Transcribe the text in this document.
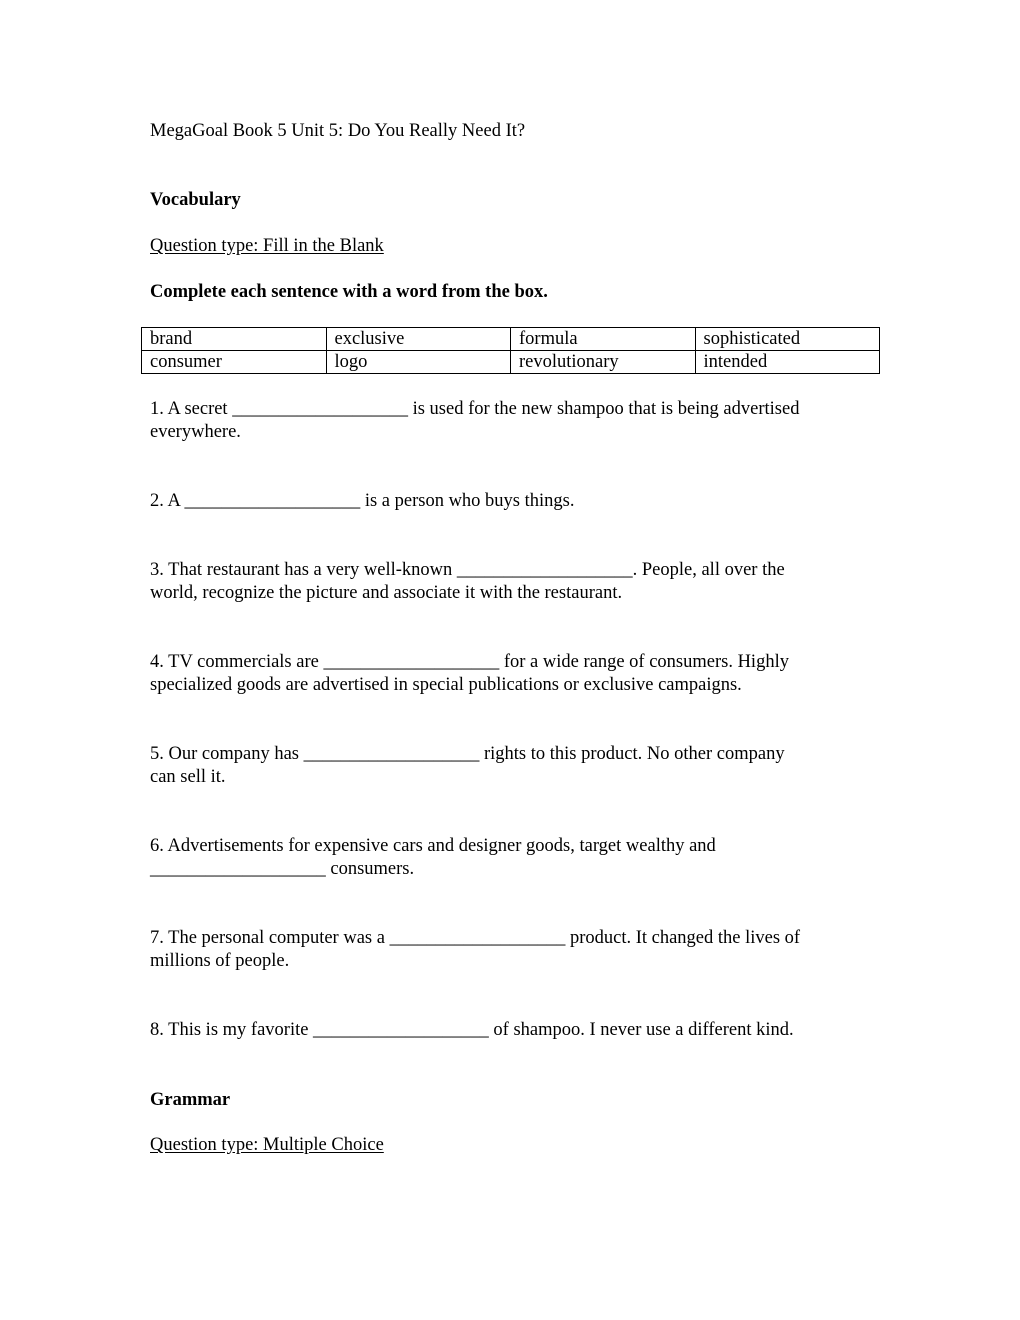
MegaGoal Book 5 Unit 5: Do You Really Need It?
Vocabulary
Question type: Fill in the Blank
Complete each sentence with a word from the box.
brand	exclusive	formula	sophisticated
consumer	logo	revolutionary	intended
1. A secret ___________________ is used for the new shampoo that is being advertised
everywhere.
2. A ___________________ is a person who buys things.
3. That restaurant has a very well-known ___________________. People, all over the
world, recognize the picture and associate it with the restaurant.
4. TV commercials are ___________________ for a wide range of consumers. Highly
specialized goods are advertised in special publications or exclusive campaigns.
5. Our company has ___________________ rights to this product. No other company
can sell it.
6. Advertisements for expensive cars and designer goods, target wealthy and
___________________ consumers.
7. The personal computer was a ___________________ product. It changed the lives of
millions of people.
8. This is my favorite ___________________ of shampoo. I never use a different kind.
Grammar
Question type: Multiple Choice
